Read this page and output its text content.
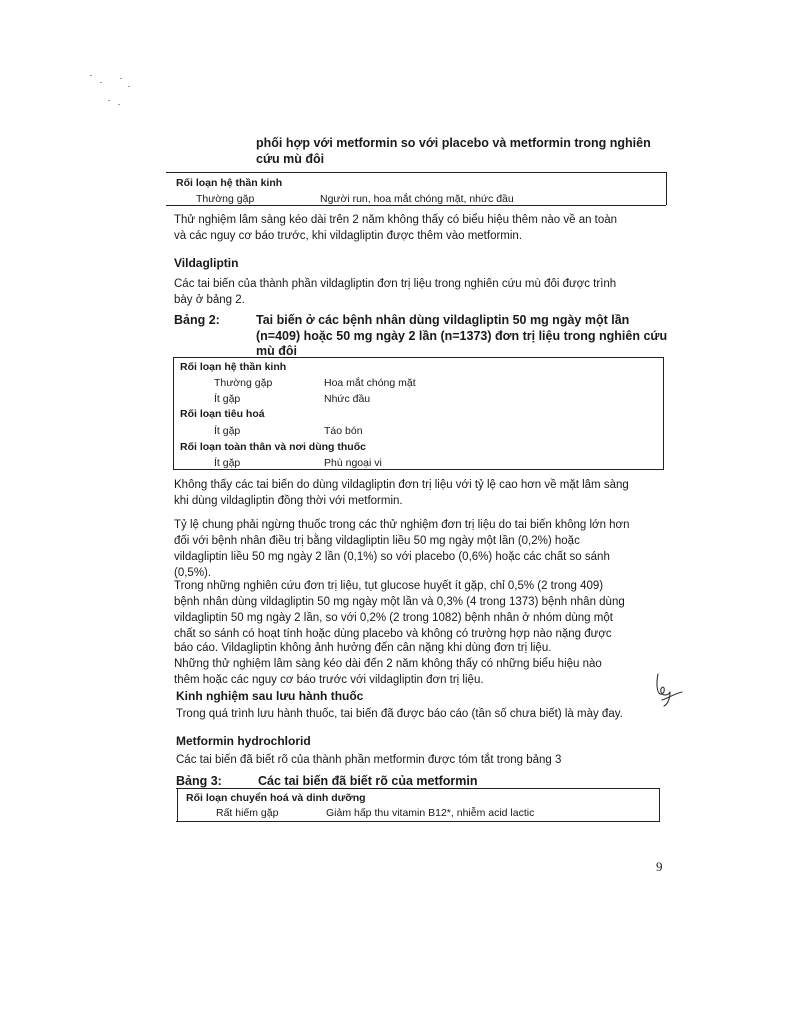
phối hợp với metformin so với placebo và metformin trong nghiên
cứu mù đôi
Rối loạn hệ thần kinh
Thường gặp	Người run, hoa mắt chóng mặt, nhức đầu
Thử nghiệm lâm sàng kéo dài trên 2 năm không thấy có biểu hiệu thêm nào về an toàn
và các nguy cơ báo trước, khi vildagliptin được thêm vào metformin.
Vildagliptin
Các tai biến của thành phần vildagliptin đơn trị liệu trong nghiên cứu mù đôi được trình
bày ở bảng 2.
Bảng 2:	Tai biến ở các bệnh nhân dùng vildagliptin 50 mg ngày một lần
(n=409) hoặc 50 mg ngày 2 lần (n=1373) đơn trị liệu trong nghiên cứu
mù đôi
Rối loạn hệ thần kinh
Thường gặp	Hoa mắt chóng mặt
Ít gặp	Nhức đầu
Rối loạn tiêu hoá
Ít gặp	Táo bón
Rối loạn toàn thân và nơi dùng thuốc
Ít gặp	Phù ngoại vi
Không thấy các tai biến do dùng vildagliptin đơn trị liệu với tỷ lệ cao hơn về mặt lâm sàng
khi dùng vildagliptin đồng thời với metformin.
Tỷ lệ chung phải ngừng thuốc trong các thử nghiệm đơn trị liệu do tai biến không lớn hơn
đối với bệnh nhân điều trị bằng vildagliptin liều 50 mg ngày một lần (0,2%) hoặc
vildagliptin liều 50 mg ngày 2 lần (0,1%) so với placebo (0,6%) hoặc các chất so sánh
(0,5%).
Trong những nghiên cứu đơn trị liệu, tụt glucose huyết ít gặp, chỉ 0,5% (2 trong 409)
bệnh nhân dùng vildagliptin 50 mg ngày một lần và 0,3% (4 trong 1373) bệnh nhân dùng
vildagliptin 50 mg ngày 2 lần, so với 0,2% (2 trong 1082) bệnh nhân ở nhóm dùng một
chất so sánh có hoạt tính hoặc dùng placebo và không có trường hợp nào nặng được
báo cáo. Vildagliptin không ảnh hưởng đến cân nặng khi dùng đơn trị liệu.
Những thử nghiệm lâm sàng kéo dài đến 2 năm không thấy có những biểu hiệu nào
thêm hoặc các nguy cơ báo trước với vildagliptin đơn trị liệu.
Kinh nghiệm sau lưu hành thuốc
Trong quá trình lưu hành thuốc, tai biến đã được báo cáo (tần số chưa biết) là mày đay.
Metformin hydrochlorid
Các tai biến đã biết rõ của thành phần metformin được tóm tắt trong bảng 3
Bảng 3:	Các tai biến đã biết rõ của metformin
Rối loạn chuyển hoá và dinh dưỡng
Rất hiếm gặp	Giảm hấp thu vitamin B12*, nhiễm acid lactic
9
